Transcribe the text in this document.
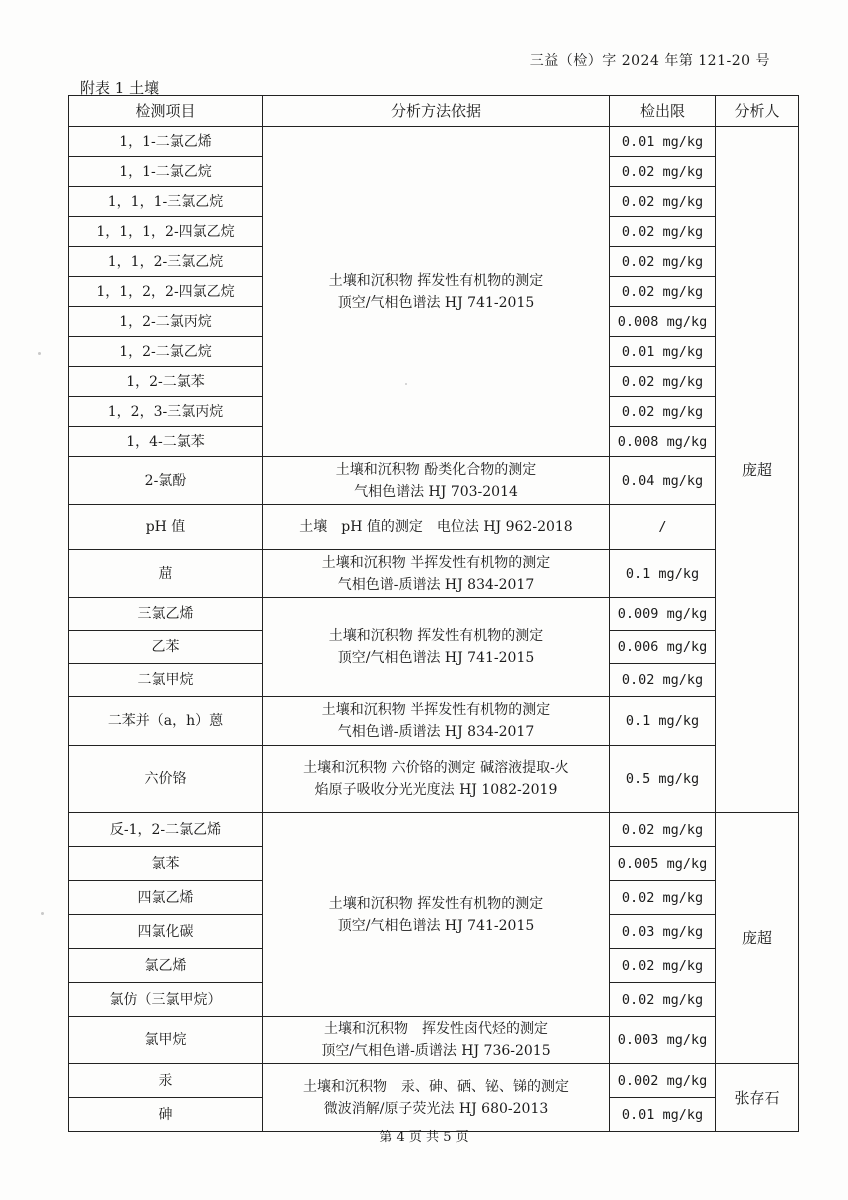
三益（检）字 2024 年第 121-20 号
附表 1 土壤
检测项目	分析方法依据	检出限	分析人	
1，1-二氯乙烯	土壤和沉积物 挥发性有机物的测定
顶空/气相色谱法 HJ 741-2015	0.01 mg/kg	庞超	
1，1-二氯乙烷		0.02 mg/kg		
1，1，1-三氯乙烷		0.02 mg/kg		
1，1，1，2-四氯乙烷		0.02 mg/kg		
1，1，2-三氯乙烷		0.02 mg/kg		
1，1，2，2-四氯乙烷		0.02 mg/kg		
1，2-二氯丙烷		0.008 mg/kg		
1，2-二氯乙烷		0.01 mg/kg		
1，2-二氯苯		0.02 mg/kg		
1，2，3-三氯丙烷		0.02 mg/kg		
1，4-二氯苯		0.008 mg/kg		
2-氯酚	土壤和沉积物 酚类化合物的测定
气相色谱法 HJ 703-2014	0.04 mg/kg		
pH 值	土壤　pH 值的测定　电位法 HJ 962-2018	/	
䓛	土壤和沉积物 半挥发性有机物的测定
气相色谱-质谱法 HJ 834-2017	0.1 mg/kg	
三氯乙烯	土壤和沉积物 挥发性有机物的测定
顶空/气相色谱法 HJ 741-2015	0.009 mg/kg		
乙苯		0.006 mg/kg		
二氯甲烷		0.02 mg/kg		
二苯并（a，h）蒽	土壤和沉积物 半挥发性有机物的测定
气相色谱-质谱法 HJ 834-2017	0.1 mg/kg		
六价铬	土壤和沉积物 六价铬的测定 碱溶液提取-火
焰原子吸收分光光度法 HJ 1082-2019	0.5 mg/kg	
反-1，2-二氯乙烯	土壤和沉积物 挥发性有机物的测定
顶空/气相色谱法 HJ 741-2015	0.02 mg/kg	庞超	
氯苯		0.005 mg/kg		
四氯乙烯		0.02 mg/kg		
四氯化碳		0.03 mg/kg		
氯乙烯		0.02 mg/kg		
氯仿（三氯甲烷）		0.02 mg/kg		
氯甲烷	土壤和沉积物　挥发性卤代烃的测定
顶空/气相色谱-质谱法 HJ 736-2015	0.003 mg/kg		
汞	土壤和沉积物　汞、砷、硒、铋、锑的测定
微波消解/原子荧光法 HJ 680-2013	0.002 mg/kg	张存石	
砷		0.01 mg/kg		
第 4 页 共 5 页
